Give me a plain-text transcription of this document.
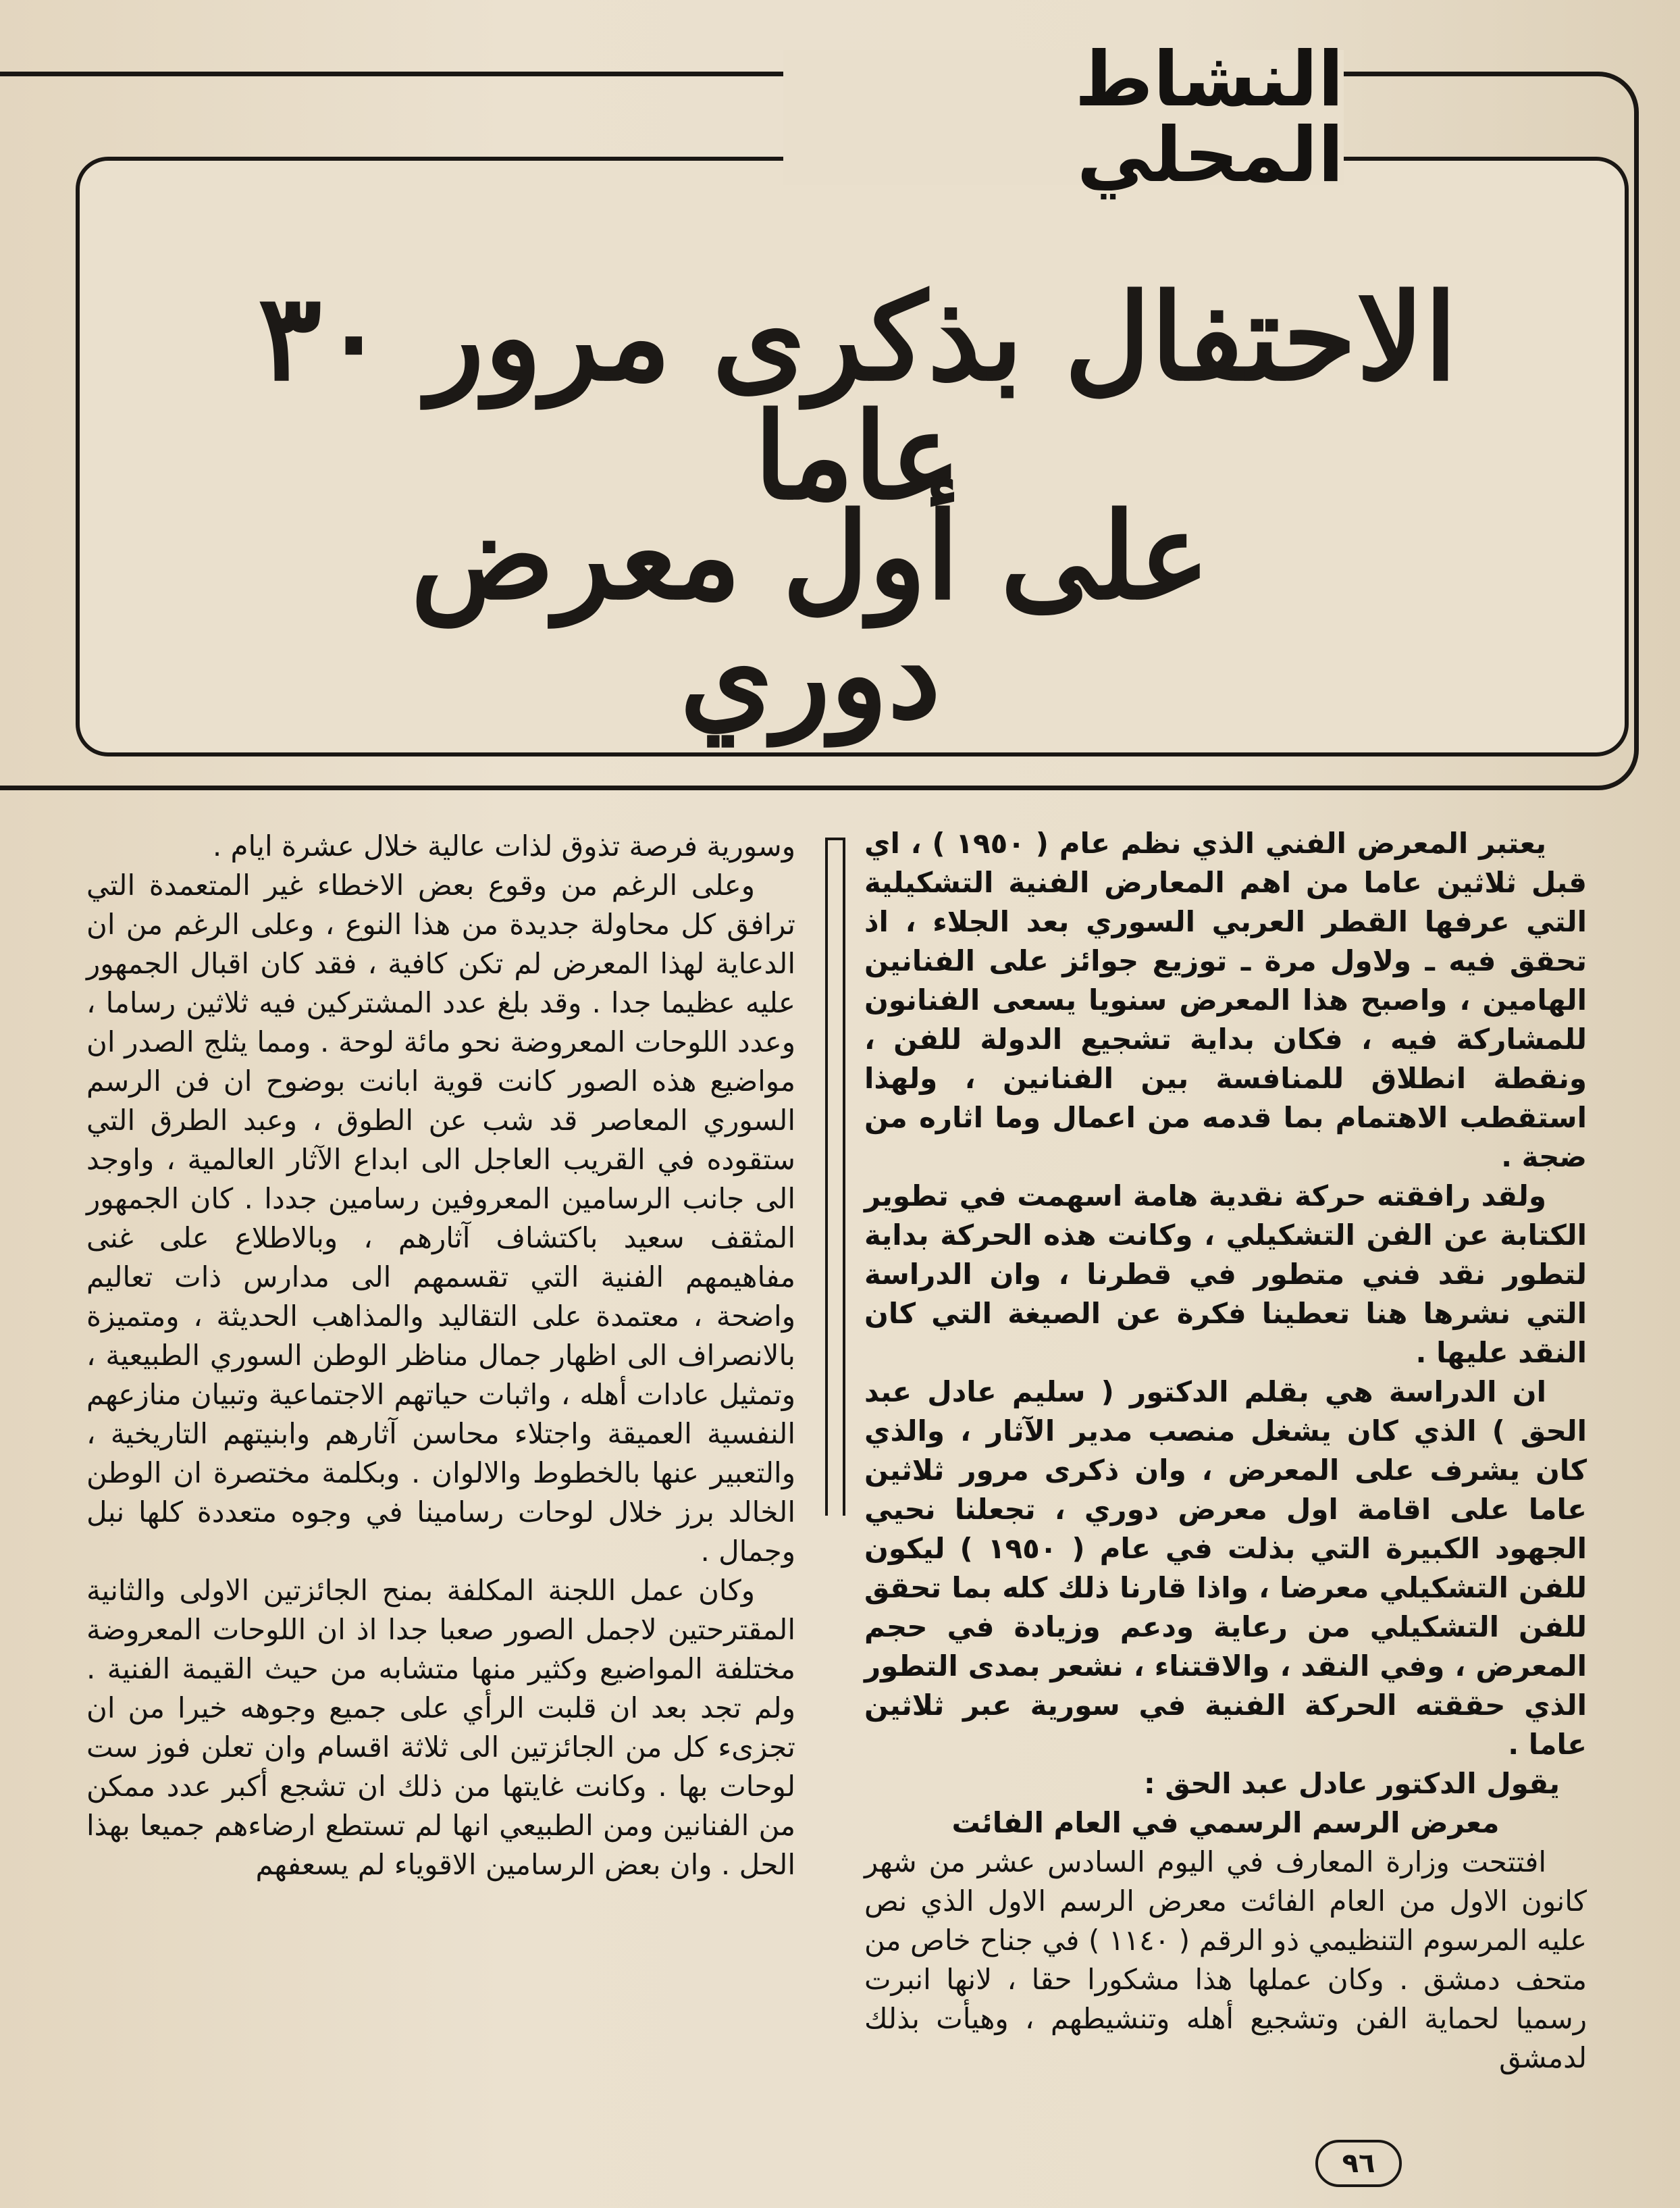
النشاط المحلي
الاحتفال بذكرى مرور ٣٠ عاما
على أول معرض دوري

يعتبر المعرض الفني الذي نظم عام ( ١٩٥٠ ) ، اي قبل ثلاثين عاما من اهم المعارض الفنية التشكيلية التي عرفها القطر العربي السوري بعد الجلاء ، اذ تحقق فيه ـ ولاول مرة ـ توزيع جوائز على الفنانين الهامين ، واصبح هذا المعرض سنويا يسعى الفنانون للمشاركة فيه ، فكان بداية تشجيع الدولة للفن ، ونقطة انطلاق للمنافسة بين الفنانين ، ولهذا استقطب الاهتمام بما قدمه من اعمال وما اثاره من ضجة .

ولقد رافقته حركة نقدية هامة اسهمت في تطوير الكتابة عن الفن التشكيلي ، وكانت هذه الحركة بداية لتطور نقد فني متطور في قطرنا ، وان الدراسة التي نشرها هنا تعطينا فكرة عن الصيغة التي كان النقد عليها .

ان الدراسة هي بقلم الدكتور ( سليم عادل عبد الحق ) الذي كان يشغل منصب مدير الآثار ، والذي كان يشرف على المعرض ، وان ذكرى مرور ثلاثين عاما على اقامة اول معرض دوري ، تجعلنا نحيي الجهود الكبيرة التي بذلت في عام ( ١٩٥٠ ) ليكون للفن التشكيلي معرضا ، واذا قارنا ذلك كله بما تحقق للفن التشكيلي من رعاية ودعم وزيادة في حجم المعرض ، وفي النقد ، والاقتناء ، نشعر بمدى التطور الذي حققته الحركة الفنية في سورية عبر ثلاثين عاما .

يقول الدكتور عادل عبد الحق :

معرض الرسم الرسمي في العام الفائت

افتتحت وزارة المعارف في اليوم السادس عشر من شهر كانون الاول من العام الفائت معرض الرسم الاول الذي نص عليه المرسوم التنظيمي ذو الرقم ( ١١٤٠ ) في جناح خاص من متحف دمشق . وكان عملها هذا مشكورا حقا ، لانها انبرت رسميا لحماية الفن وتشجيع أهله وتنشيطهم ، وهيأت بذلك لدمشق

وسورية فرصة تذوق لذات عالية خلال عشرة ايام .

وعلى الرغم من وقوع بعض الاخطاء غير المتعمدة التي ترافق كل محاولة جديدة من هذا النوع ، وعلى الرغم من ان الدعاية لهذا المعرض لم تكن كافية ، فقد كان اقبال الجمهور عليه عظيما جدا . وقد بلغ عدد المشتركين فيه ثلاثين رساما ، وعدد اللوحات المعروضة نحو مائة لوحة . ومما يثلج الصدر ان مواضيع هذه الصور كانت قوية ابانت بوضوح ان فن الرسم السوري المعاصر قد شب عن الطوق ، وعبد الطرق التي ستقوده في القريب العاجل الى ابداع الآثار العالمية ، واوجد الى جانب الرسامين المعروفين رسامين جددا . كان الجمهور المثقف سعيد باكتشاف آثارهم ، وبالاطلاع على غنى مفاهيمهم الفنية التي تقسمهم الى مدارس ذات تعاليم واضحة ، معتمدة على التقاليد والمذاهب الحديثة ، ومتميزة بالانصراف الى اظهار جمال مناظر الوطن السوري الطبيعية ، وتمثيل عادات أهله ، واثبات حياتهم الاجتماعية وتبيان منازعهم النفسية العميقة واجتلاء محاسن آثارهم وابنيتهم التاريخية ، والتعبير عنها بالخطوط والالوان . وبكلمة مختصرة ان الوطن الخالد برز خلال لوحات رسامينا في وجوه متعددة كلها نبل وجمال .

وكان عمل اللجنة المكلفة بمنح الجائزتين الاولى والثانية المقترحتين لاجمل الصور صعبا جدا اذ ان اللوحات المعروضة مختلفة المواضيع وكثير منها متشابه من حيث القيمة الفنية . ولم تجد بعد ان قلبت الرأي على جميع وجوهه خيرا من ان تجزىء كل من الجائزتين الى ثلاثة اقسام وان تعلن فوز ست لوحات بها . وكانت غايتها من ذلك ان تشجع أكبر عدد ممكن من الفنانين ومن الطبيعي انها لم تستطع ارضاءهم جميعا بهذا الحل . وان بعض الرسامين الاقوياء لم يسعفهم

٩٦
